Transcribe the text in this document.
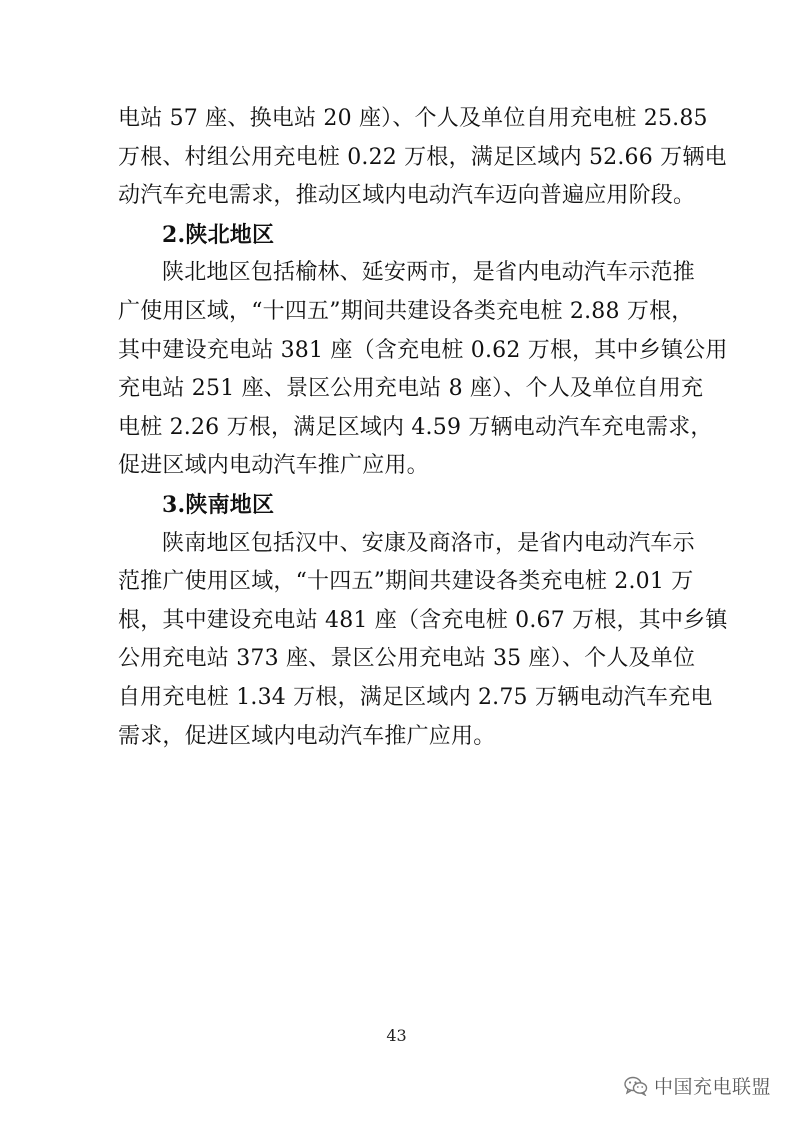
电站 57 座、换电站 20 座）、个人及单位自用充电桩 25.85
万根、村组公用充电桩 0.22 万根，满足区域内 52.66 万辆电
动汽车充电需求，推动区域内电动汽车迈向普遍应用阶段。
2.陕北地区
陕北地区包括榆林、延安两市，是省内电动汽车示范推
广使用区域，“十四五”期间共建设各类充电桩 2.88 万根，
其中建设充电站 381 座（含充电桩 0.62 万根，其中乡镇公用
充电站 251 座、景区公用充电站 8 座）、个人及单位自用充
电桩 2.26 万根，满足区域内 4.59 万辆电动汽车充电需求，
促进区域内电动汽车推广应用。
3.陕南地区
陕南地区包括汉中、安康及商洛市，是省内电动汽车示
范推广使用区域，“十四五”期间共建设各类充电桩 2.01 万
根，其中建设充电站 481 座（含充电桩 0.67 万根，其中乡镇
公用充电站 373 座、景区公用充电站 35 座）、个人及单位
自用充电桩 1.34 万根，满足区域内 2.75 万辆电动汽车充电
需求，促进区域内电动汽车推广应用。
43
中国充电联盟
